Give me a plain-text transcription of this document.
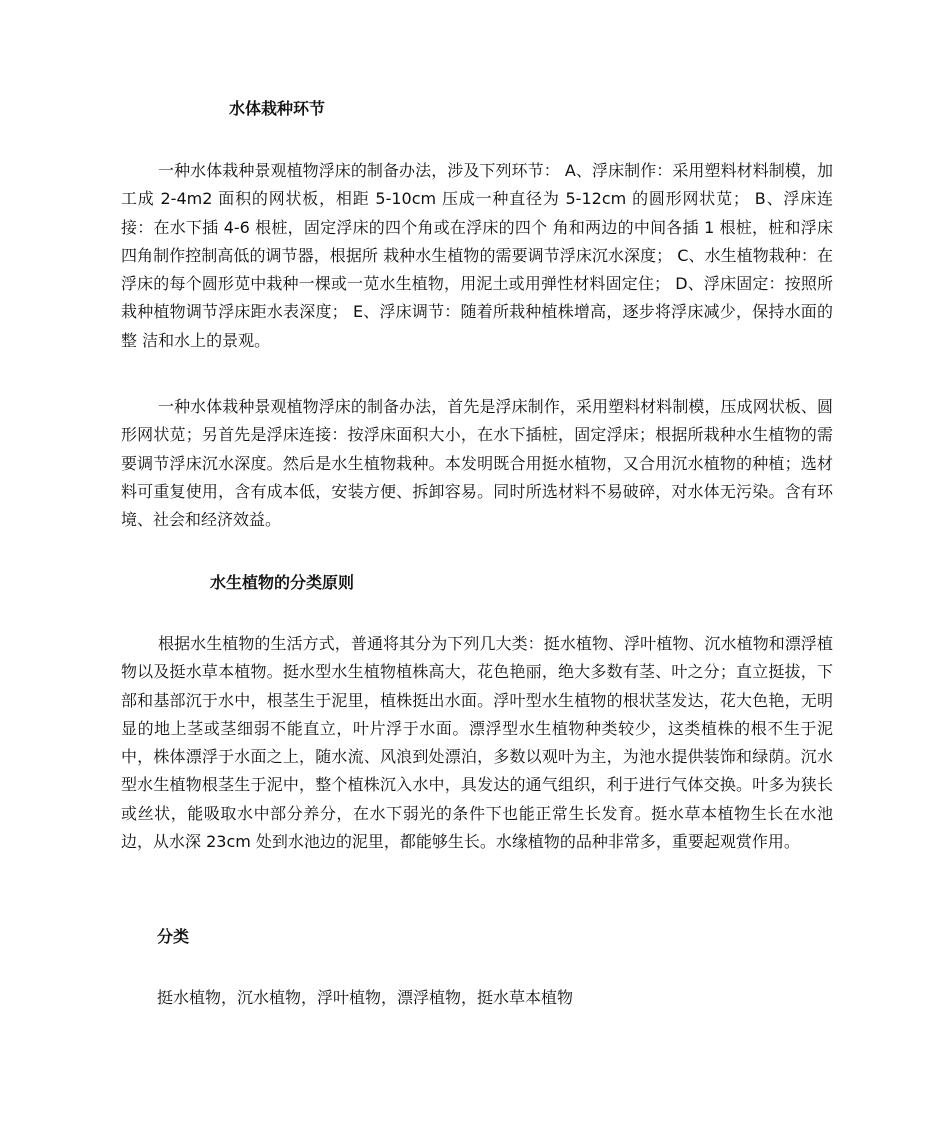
水体栽种环节

一种水体栽种景观植物浮床的制备办法，涉及下列环节： A、浮床制作：采用塑料材料制模，加工成 2-4m2 面积的网状板，相距 5-10cm 压成一种直径为 5-12cm 的圆形网状苋； B、浮床连接：在水下插 4-6 根桩，固定浮床的四个角或在浮床的四个 角和两边的中间各插 1 根桩，桩和浮床四角制作控制高低的调节器，根据所 栽种水生植物的需要调节浮床沉水深度； C、水生植物栽种：在浮床的每个圆形苋中栽种一棵或一苋水生植物，用泥土或用弹性材料固定住； D、浮床固定：按照所栽种植物调节浮床距水表深度； E、浮床调节：随着所栽种植株增高，逐步将浮床减少，保持水面的整 洁和水上的景观。

一种水体栽种景观植物浮床的制备办法，首先是浮床制作，采用塑料材料制模，压成网状板、圆形网状苋；另首先是浮床连接：按浮床面积大小，在水下插桩，固定浮床；根据所栽种水生植物的需要调节浮床沉水深度。然后是水生植物栽种。本发明既合用挺水植物，又合用沉水植物的种植；选材料可重复使用，含有成本低，安装方便、拆卸容易。同时所选材料不易破碎，对水体无污染。含有环境、社会和经济效益。

水生植物的分类原则

根据水生植物的生活方式，普通将其分为下列几大类：挺水植物、浮叶植物、沉水植物和漂浮植物以及挺水草本植物。挺水型水生植物植株高大，花色艳丽，绝大多数有茎、叶之分；直立挺拔，下部和基部沉于水中，根茎生于泥里，植株挺出水面。浮叶型水生植物的根状茎发达，花大色艳，无明显的地上茎或茎细弱不能直立，叶片浮于水面。漂浮型水生植物种类较少，这类植株的根不生于泥中，株体漂浮于水面之上，随水流、风浪到处漂泊，多数以观叶为主，为池水提供装饰和绿荫。沉水型水生植物根茎生于泥中，整个植株沉入水中，具发达的通气组织，利于进行气体交换。叶多为狭长或丝状，能吸取水中部分养分，在水下弱光的条件下也能正常生长发育。挺水草本植物生长在水池边，从水深 23cm 处到水池边的泥里，都能够生长。水缘植物的品种非常多，重要起观赏作用。

分类

挺水植物，沉水植物，浮叶植物，漂浮植物，挺水草本植物
